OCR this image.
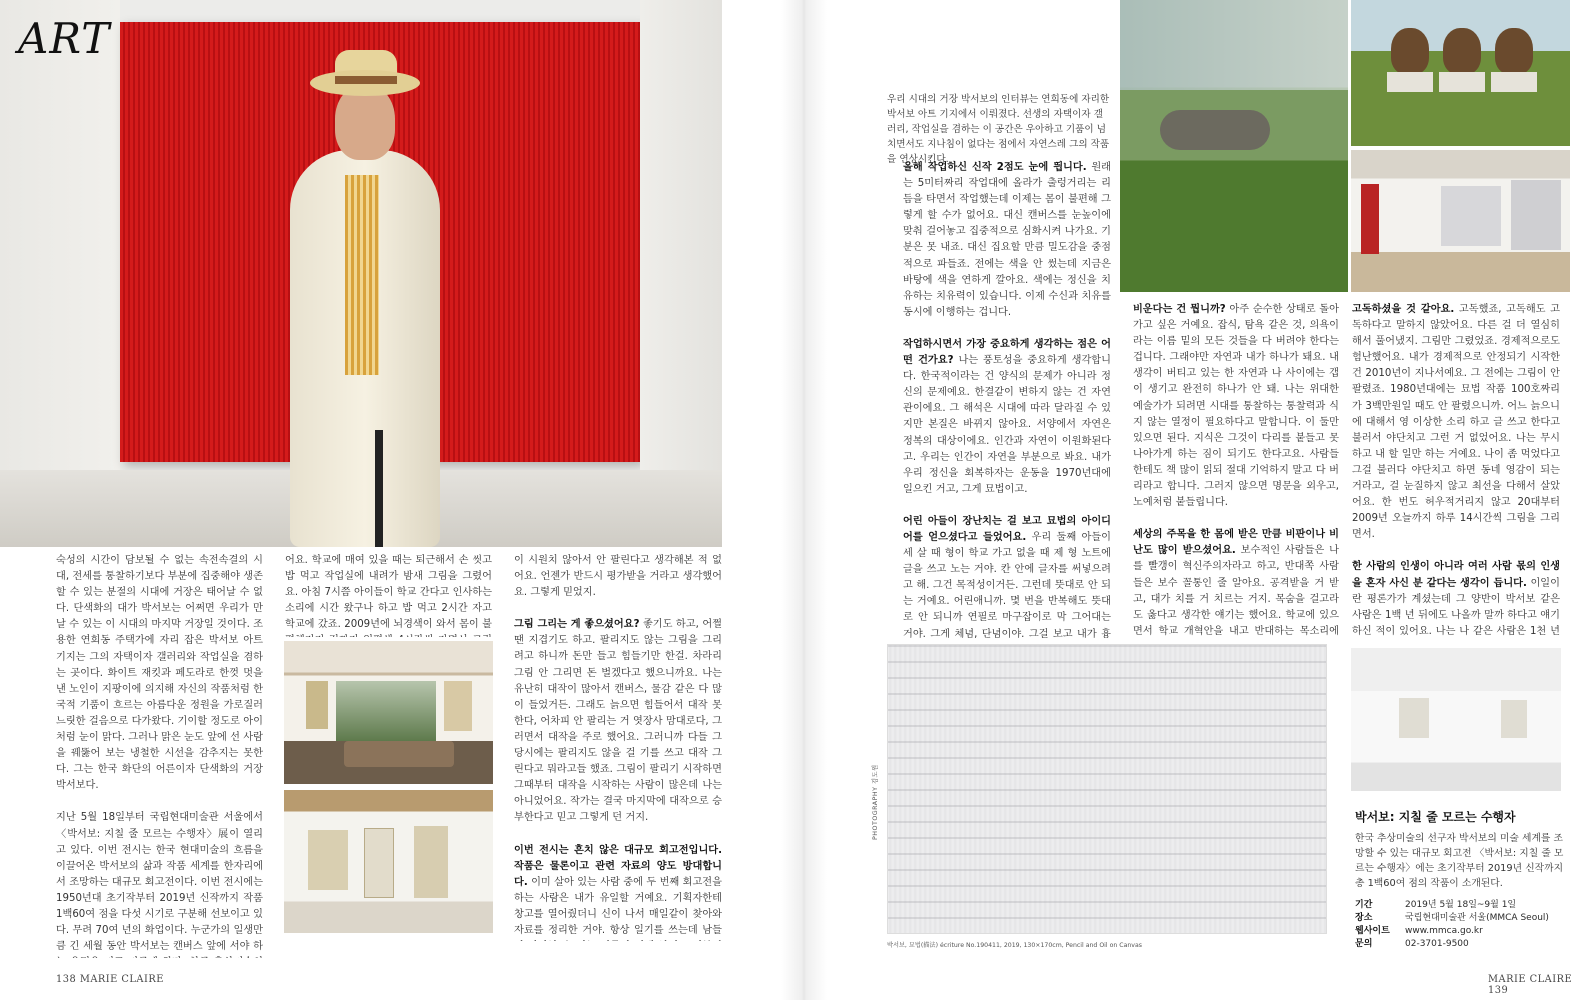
ART

숙성의 시간이 담보될 수 없는 속전속결의 시대, 전세를 통찰하기보다 부분에 집중해야 생존할 수 있는 분절의 시대에 거장은 태어날 수 없다. 단색화의 대가 박서보는 어쩌면 우리가 만날 수 있는 이 시대의 마지막 거장일 것이다. 조용한 연희동 주택가에 자리 잡은 박서보 아트 기지는 그의 자택이자 갤러리와 작업실을 겸하는 곳이다. 화이트 재킷과 페도라로 한껏 멋을 낸 노인이 지팡이에 의지해 자신의 작품처럼 한국적 기품이 흐르는 아름다운 정원을 가로질러 느릿한 걸음으로 다가왔다. 기이할 정도로 아이처럼 눈이 맑다. 그러나 맑은 눈도 앞에 선 사람을 꿰뚫어 보는 냉철한 시선을 감추지는 못한다. 그는 한국 화단의 어른이자 단색화의 거장 박서보다.

지난 5월 18일부터 국립현대미술관 서울에서 〈박서보: 지칠 줄 모르는 수행자〉展이 열리고 있다. 이번 전시는 한국 현대미술의 흐름을 이끌어온 박서보의 삶과 작품 세계를 한자리에서 조망하는 대규모 회고전이다. 이번 전시에는 1950년대 초기작부터 2019년 신작까지 작품 1백60여 점을 다섯 시기로 구분해 선보이고 있다. 무려 70여 년의 화업이다. 누군가의 일생만큼 긴 세월 동안 박서보는 캔버스 앞에 서야 하

어요. 학교에 매여 있을 때는 퇴근해서 손 씻고 밥 먹고 작업실에 내려가 밤새 그림을 그렸어요. 아침 7시쯤 아이들이 학교 간다고 인사하는 소리에 시간 왔구나 하고 밥 먹고 2시간 자고 학교에 갔죠. 2009년에 뇌경색이 와서 몸이 불

이 시원치 않아서 안 팔린다고 생각해본 적 없어요. 언젠가 반드시 평가받을 거라고 생각했어요. 그렇게 믿었지.

그림 그리는 게 좋으셨어요? 좋기도 하고, 어쩔 땐 지겹기도 하고. 팔리지도 않는 그림을 그리려고 하니까 돈만 들고 힘들기만 한걸. 차라리 그림 안 그리면 돈 벌겠다고 했으니까요. 나는 유난히 대작이 많아서 캔버스, 물감 같은 다 많이 들었거든. 그래도 늙으면 힘들어서 대작 못 한다, 어차피 안 팔리는 거 엿장사 맘대로다, 그러면서 대작을 주로 했어요. 그러니까 다들 그 당시에는 팔리지도 않을 걸 기를 쓰고 대작 그린다고 뭐라고들 했죠. 그림이 팔리기 시작하면 그때부터 대작을 시작하는 사람이 많은데 나는 아니었어요. 작가는 결국 마지막에 대작으로 승부한다고 믿고 그렇게 던 거지.

이번 전시는 흔치 않은 대규모 회고전입니다. 작품은 물론이고 관련 자료의 양도 방대합니다. 이미 살아 있는 사람 중에 두 번째 회고전을 하는 사람은 내가 유일할 거예요. 기획자한테 창고를 열어줬더니 신이 나서 매일같이 찾아와 자료를 정리한 거야. 항상 일기를 쓰는데 남들

우리 시대의 거장 박서보의 인터뷰는 연희동에 자리한 박서보 아트 기지에서 이뤄졌다. 선생의 자택이자 갤러리, 작업실을 겸하는 이 공간은 우아하고 기품이 넘치면서도 지나침이 없다는 점에서 자연스레 그의 작품을 연상시킨다.

올해 작업하신 신작 2점도 눈에 띕니다. 원래는 5미터짜리 작업대에 올라가 출렁거리는 리듬을 타면서 작업했는데 이제는 몸이 불편해 그렇게 할 수가 없어요. 대신 캔버스를 눈높이에 맞춰 걸어놓고 집중적으로 심화시켜 나가요. 기분은 못 내죠. 대신 집요할 만큼 밀도감을 중점적으로 파들죠. 전에는 색을 안 썼는데 지금은 바탕에 색을 연하게 깔아요. 색에는 정신을 치유하는 치유력이 있습니다. 이제 수신과 치유를 동시에 이행하는 겁니다.

작업하시면서 가장 중요하게 생각하는 점은 어떤 건가요? 나는 풍토성을 중요하게 생각합니다. 한국적이라는 건 양식의 문제가 아니라 정신의 문제예요. 한결같이 변하지 않는 건 자연관이에요. 그 해석은 시대에 따라 달라질 수 있지만 본질은 바뀌지 않아요. 서양에서 자연은 정복의 대상이에요. 인간과 자연이 이원화된다고. 우리는 인간이 자연을 부분으로 봐요. 내가 우리 정신을 회복하자는 운동을 1970년대에 일으킨 거고, 그게 묘법이고.

어린 아들이 장난치는 걸 보고 묘법의 아이디어를 얻으셨다고 들었어요. 우리 둘째 아들이 세 살 때 형이 학교 가고 없을 때 제 형 노트에 글을 쓰고 노는 거야. 칸 안에 글자를 써넣으려고 해. 그건 목적성이거든. 그런데 뜻대로 안 되는 거예요. 어린애니까. 몇 번을 반복해도 뜻대로 안 되니까 연필로 마구잡이로 막 그어대는 거야. 그게 체념, 단념이야. 그걸 보고 내가 흉

비운다는 건 뭡니까? 아주 순수한 상태로 돌아가고 싶은 거예요. 잡식, 탐욕 같은 것, 의욕이라는 이름 밑의 모든 것들을 다 버려야 한다는 겁니다. 그래야만 자연과 내가 하나가 돼요. 내 생각이 버티고 있는 한 자연과 나 사이에는 갭이 생기고 완전히 하나가 안 돼. 나는 위대한 예술가가 되려면 시대를 통찰하는 통찰력과 식지 않는 열정이 필요하다고 말합니다. 이 둘만 있으면 된다. 지식은 그것이 다리를 붙들고 못 나아가게 하는 짐이 되기도 한다고요. 사람들한테도 책 많이 읽되 절대 기억하지 말고 다 버리라고 합니다. 그러지 않으면 명문을 외우고, 노예처럼 붙들립니다.

세상의 주목을 한 몸에 받은 만큼 비판이나 비난도 많이 받으셨어요. 보수적인 사람들은 나를 빨갱이 혁신주의자라고 하고, 반대쪽 사람들은 보수 꼴통인 줄 알아요. 공격받을 거 받고, 대가 치를 거 치르는 거지. 목숨을 걸고라도 옳다고 생각한 얘기는 했어요. 학교에 있으면서 학교 개혁안을 내고 반대하는 목소리에

고독하셨을 것 같아요. 고독했죠, 고독해도 고독하다고 말하지 않았어요. 다른 걸 더 열심히 해서 풀어냈지. 그림만 그렸었죠. 경제적으로도 험난했어요. 내가 경제적으로 안정되기 시작한 건 2010년이 지나서예요. 그 전에는 그림이 안 팔렸죠. 1980년대에는 묘법 작품 100호짜리가 3백만원일 때도 안 팔렸으니까. 어느 늙으니에 대해서 영 이상한 소리 하고 글 쓰고 한다고 불러서 야단치고 그런 거 없었어요. 나는 무시하고 내 할 일만 하는 거예요. 나이 좀 먹었다고 그걸 불러다 야단치고 하면 동네 영감이 되는 거라고, 걸 눈질하지 않고 최선을 다해서 살았어요. 한 번도 허우적거리지 않고 20대부터 2009년 오늘까지 하루 14시간씩 그림을 그리면서.

한 사람의 인생이 아니라 여러 사람 몫의 인생을 혼자 사신 분 같다는 생각이 듭니다. 이일이란 평론가가 계셨는데 그 양반이 박서보 같은 사람은 1백 년 뒤에도 나올까 말까 하다고 얘기하신 적이 있어요. 나는 나 같은 사람은 1천 년

PHOTOGRAPHY 김도원
박서보, 묘법(描法) écriture No.190411, 2019, 130×170cm, Pencil and Oil on Canvas
박서보: 지칠 줄 모르는 수행자
한국 추상미술의 선구자 박서보의 미술 세계를 조망할 수 있는 대규모 회고전 〈박서보: 지칠 줄 모르는 수행자〉에는 초기작부터 2019년 신작까지 총 1백60여 점의 작품이 소개된다.
기간	2019년 5월 18일~9월 1일
장소	국립현대미술관 서울(MMCA Seoul)
웹사이트	www.mmca.go.kr
문의	02-3701-9500
138 MARIE CLAIRE	MARIE CLAIRE 139
